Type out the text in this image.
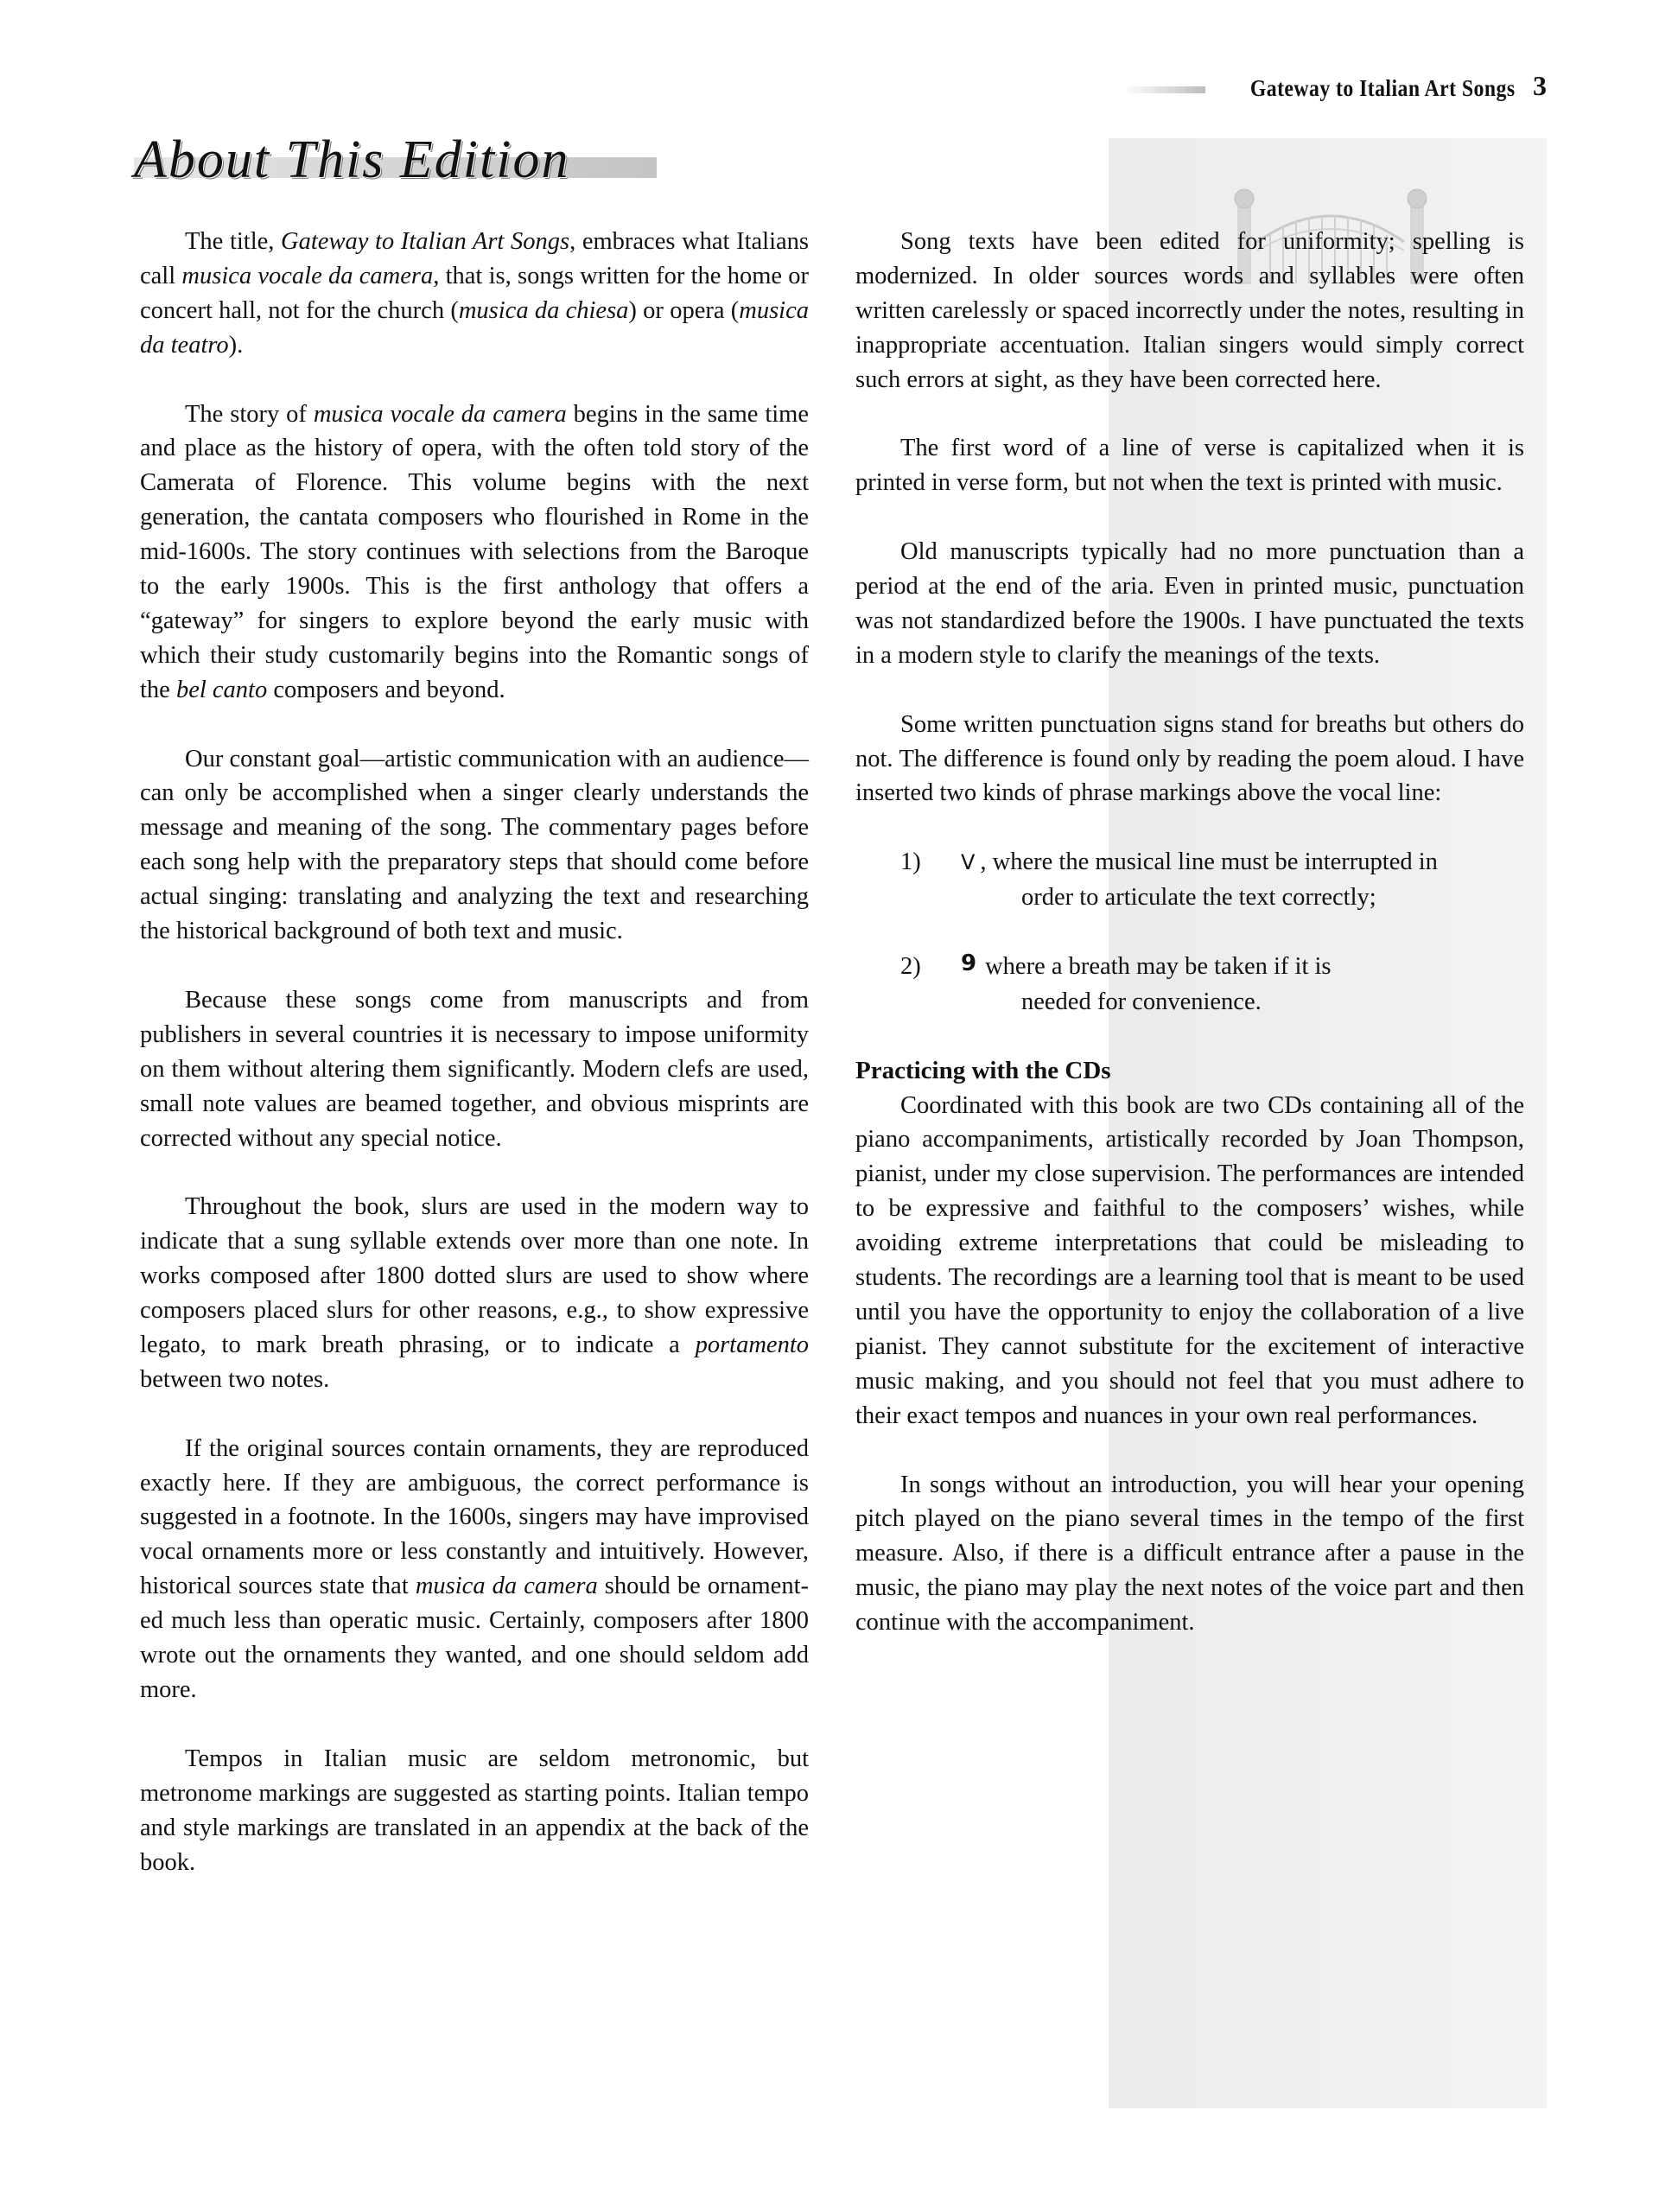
Gateway to Italian Art Songs 3
About This Edition

The title, Gateway to Italian Art Songs, embraces what Italians call musica vocale da camera, that is, songs written for the home or concert hall, not for the church (musica da chiesa) or opera (musica da teatro).

The story of musica vocale da camera begins in the same time and place as the history of opera, with the often told story of the Camerata of Florence. This volume begins with the next generation, the cantata composers who flourished in Rome in the mid-1600s. The story continues with selections from the Baroque to the early 1900s. This is the first anthology that offers a “gateway” for singers to explore beyond the early music with which their study customarily begins into the Romantic songs of the bel canto composers and beyond.

Our constant goal—artistic communication with an audience— can only be accomplished when a singer clearly understands the message and meaning of the song. The commentary pages before each song help with the preparatory steps that should come before actual singing: translating and analyzing the text and researching the historical background of both text and music.

Because these songs come from manuscripts and from publishers in several countries it is necessary to impose uniformity on them without altering them significantly. Modern clefs are used, small note values are beamed together, and obvious misprints are corrected without any special notice.

Throughout the book, slurs are used in the modern way to indicate that a sung syllable extends over more than one note. In works composed after 1800 dotted slurs are used to show where composers placed slurs for other reasons, e.g., to show expressive legato, to mark breath phrasing, or to indicate a portamento between two notes.

If the original sources contain ornaments, they are reproduced exactly here. If they are ambiguous, the correct performance is suggested in a footnote. In the 1600s, singers may have improvised vocal ornaments more or less constantly and intuitively. However, historical sources state that musica da camera should be ornamented much less than operatic music. Certainly, composers after 1800 wrote out the ornaments they wanted, and one should seldom add more.

Tempos in Italian music are seldom metronomic, but metronome markings are suggested as starting points. Italian tempo and style markings are translated in an appendix at the back of the book.

Song texts have been edited for uniformity; spelling is modernized. In older sources words and syllables were often written carelessly or spaced incorrectly under the notes, resulting in inappropriate accentuation. Italian singers would simply correct such errors at sight, as they have been corrected here.

The first word of a line of verse is capitalized when it is printed in verse form, but not when the text is printed with music.

Old manuscripts typically had no more punctuation than a period at the end of the aria. Even in printed music, punctuation was not standardized before the 1900s. I have punctuated the texts in a modern style to clarify the meanings of the texts.

Some written punctuation signs stand for breaths but others do not. The difference is found only by reading the poem aloud. I have inserted two kinds of phrase markings above the vocal line:

1)	V , where the musical line must be interrupted in
order to articulate the text correctly;
2)	9 where a breath may be taken if it is
needed for convenience.
Practicing with the CDs

Coordinated with this book are two CDs containing all of the piano accompaniments, artistically recorded by Joan Thompson, pianist, under my close supervision. The performances are intended to be expressive and faithful to the composers’ wishes, while avoiding extreme interpretations that could be misleading to students. The recordings are a learning tool that is meant to be used until you have the opportunity to enjoy the collaboration of a live pianist. They cannot substitute for the excitement of interactive music making, and you should not feel that you must adhere to their exact tempos and nuances in your own real performances.

In songs without an introduction, you will hear your opening pitch played on the piano several times in the tempo of the first measure. Also, if there is a difficult entrance after a pause in the music, the piano may play the next notes of the voice part and then continue with the accompaniment.
